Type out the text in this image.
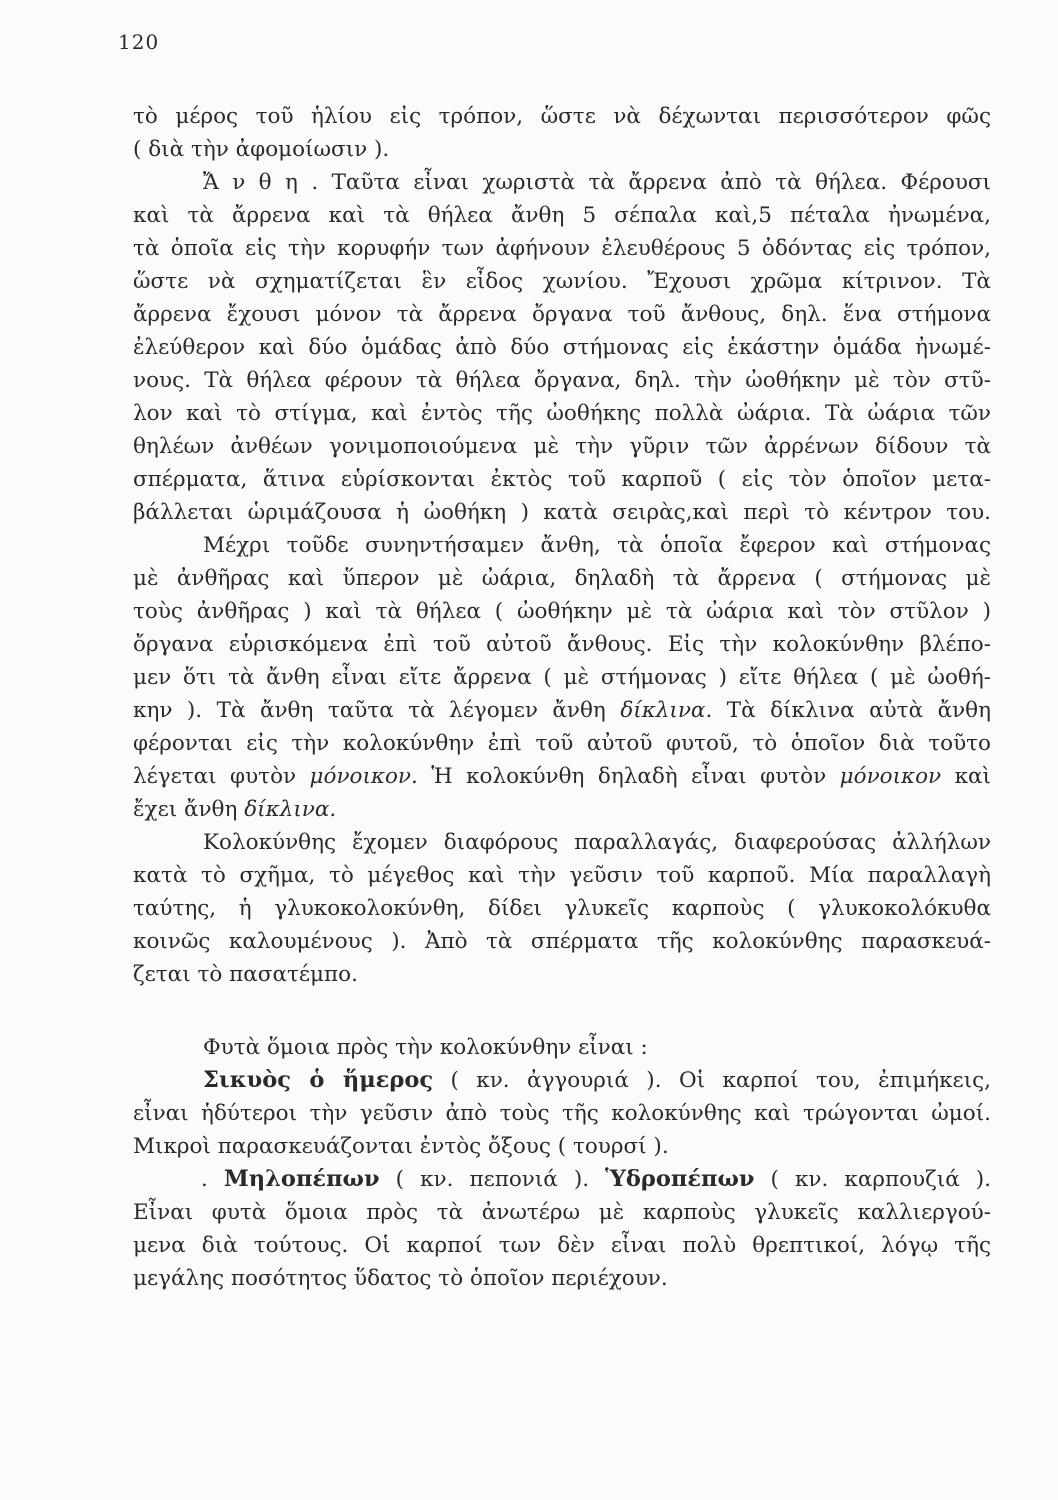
120
τὸ μέρος τοῦ ἡλίου εἰς τρόπον, ὥστε νὰ δέχωνται περισσότερον φῶς
( διὰ τὴν ἀφομοίωσιν ).
Ἄ ν θ η . Ταῦτα εἶναι χωριστὰ τὰ ἄρρενα ἀπὸ τὰ θήλεα. Φέρουσι
καὶ τὰ ἄρρενα καὶ τὰ θήλεα ἄνθη 5 σέπαλα καὶ,5 πέταλα ἠνωμένα,
τὰ ὁποῖα εἰς τὴν κορυφήν των ἀφήνουν ἐλευθέρους 5 ὀδόντας εἰς τρόπον,
ὥστε νὰ σχηματίζεται ἓν εἶδος χωνίου. Ἔχουσι χρῶμα κίτρινον. Τὰ
ἄρρενα ἔχουσι μόνον τὰ ἄρρενα ὄργανα τοῦ ἄνθους, δηλ. ἕνα στήμονα
ἐλεύθερον καὶ δύο ὁμάδας ἀπὸ δύο στήμονας εἰς ἑκάστην ὁμάδα ἠνωμέ-
νους. Τὰ θήλεα φέρουν τὰ θήλεα ὄργανα, δηλ. τὴν ὠοθήκην μὲ τὸν στῦ-
λον καὶ τὸ στίγμα, καὶ ἐντὸς τῆς ὠοθήκης πολλὰ ὠάρια. Τὰ ὠάρια τῶν
θηλέων ἀνθέων γονιμοποιούμενα μὲ τὴν γῦριν τῶν ἀρρένων δίδουν τὰ
σπέρματα, ἅτινα εὑρίσκονται ἐκτὸς τοῦ καρποῦ ( εἰς τὸν ὁποῖον μετα-
βάλλεται ὡριμάζουσα ἡ ὠοθήκη ) κατὰ σειρὰς,καὶ περὶ τὸ κέντρον του.
Μέχρι τοῦδε συνηντήσαμεν ἄνθη, τὰ ὁποῖα ἔφερον καὶ στήμονας
μὲ ἀνθῆρας καὶ ὕπερον μὲ ὠάρια, δηλαδὴ τὰ ἄρρενα ( στήμονας μὲ
τοὺς ἀνθῆρας ) καὶ τὰ θήλεα ( ὠοθήκην μὲ τὰ ὠάρια καὶ τὸν στῦλον )
ὄργανα εὑρισκόμενα ἐπὶ τοῦ αὐτοῦ ἄνθους. Εἰς τὴν κολοκύνθην βλέπο-
μεν ὅτι τὰ ἄνθη εἶναι εἴτε ἄρρενα ( μὲ στήμονας ) εἴτε θήλεα ( μὲ ὠοθή-
κην ). Τὰ ἄνθη ταῦτα τὰ λέγομεν ἄνθη δίκλινα. Τὰ δίκλινα αὐτὰ ἄνθη
φέρονται εἰς τὴν κολοκύνθην ἐπὶ τοῦ αὐτοῦ φυτοῦ, τὸ ὁποῖον διὰ τοῦτο
λέγεται φυτὸν μόνοικον. Ἡ κολοκύνθη δηλαδὴ εἶναι φυτὸν μόνοικον καὶ
ἔχει ἄνθη δίκλινα.
Κολοκύνθης ἔχομεν διαφόρους παραλλαγάς, διαφερούσας ἀλλήλων
κατὰ τὸ σχῆμα, τὸ μέγεθος καὶ τὴν γεῦσιν τοῦ καρποῦ. Μία παραλλαγὴ
ταύτης, ἡ γλυκοκολοκύνθη, δίδει γλυκεῖς καρποὺς ( γλυκοκολόκυθα
κοινῶς καλουμένους ). Ἀπὸ τὰ σπέρματα τῆς κολοκύνθης παρασκευά-
ζεται τὸ πασατέμπο.
Φυτὰ ὅμοια πρὸς τὴν κολοκύνθην εἶναι :
Σικυὸς ὁ ἥμερος ( κν. ἀγγουριά ). Οἱ καρποί του, ἐπιμήκεις,
εἶναι ἡδύτεροι τὴν γεῦσιν ἀπὸ τοὺς τῆς κολοκύνθης καὶ τρώγονται ὠμοί.
Μικροὶ παρασκευάζονται ἐντὸς ὄξους ( τουρσί ).
. Μηλοπέπων ( κν. πεπονιά ). Ὑδροπέπων ( κν. καρπουζιά ).
Εἶναι φυτὰ ὅμοια πρὸς τὰ ἀνωτέρω μὲ καρποὺς γλυκεῖς καλλιεργού-
μενα διὰ τούτους. Οἱ καρποί των δὲν εἶναι πολὺ θρεπτικοί, λόγῳ τῆς
μεγάλης ποσότητος ὕδατος τὸ ὁποῖον περιέχουν.
